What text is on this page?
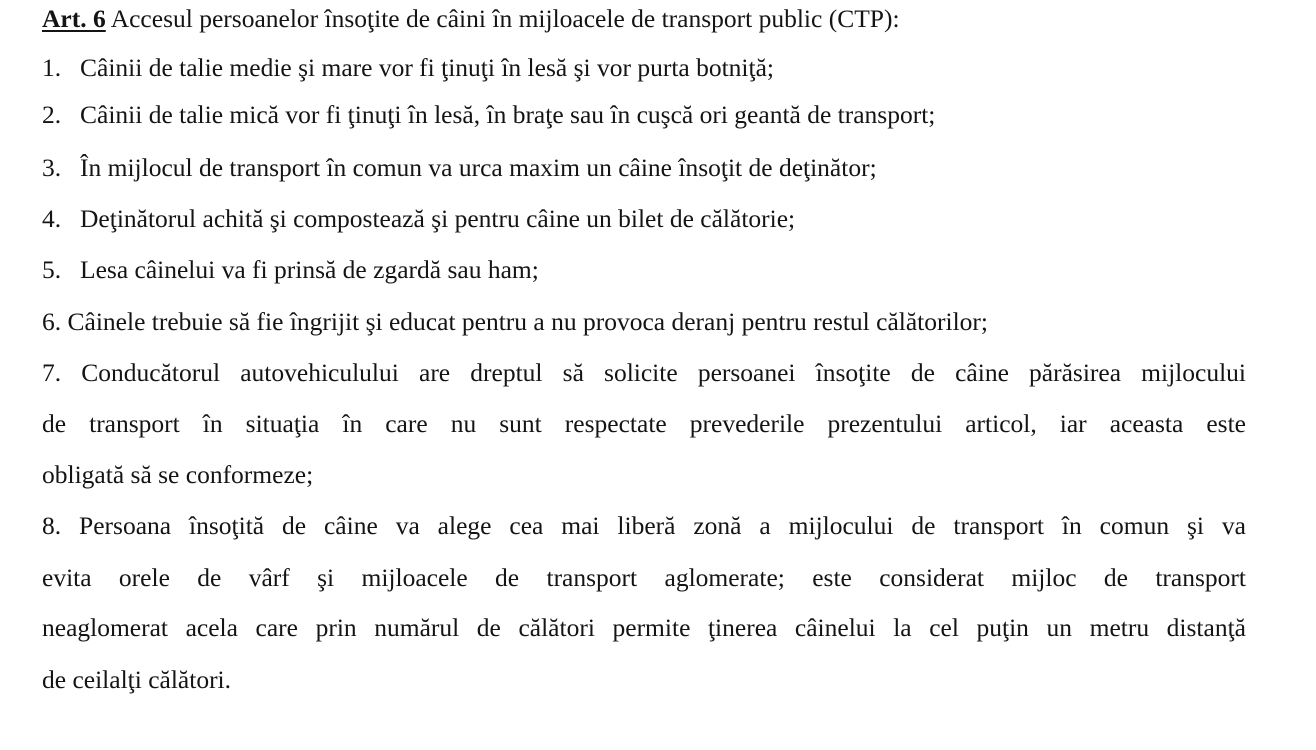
Art. 6 Accesul persoanelor însoţite de câini în mijloacele de transport public (CTP):
1. Câinii de talie medie şi mare vor fi ţinuţi în lesă şi vor purta botniţă;
2. Câinii de talie mică vor fi ţinuţi în lesă, în braţe sau în cuşcă ori geantă de transport;
3. În mijlocul de transport în comun va urca maxim un câine însoţit de deţinător;
4. Deţinătorul achită şi compostează şi pentru câine un bilet de călătorie;
5. Lesa câinelui va fi prinsă de zgardă sau ham;
6. Câinele trebuie să fie îngrijit şi educat pentru a nu provoca deranj pentru restul călătorilor;
7. Conducătorul autovehiculului are dreptul să solicite persoanei însoţite de câine părăsirea mijlocului
de transport în situaţia în care nu sunt respectate prevederile prezentului articol, iar aceasta este
obligată să se conformeze;
8. Persoana însoţită de câine va alege cea mai liberă zonă a mijlocului de transport în comun şi va
evita orele de vârf şi mijloacele de transport aglomerate; este considerat mijloc de transport
neaglomerat acela care prin numărul de călători permite ţinerea câinelui la cel puţin un metru distanţă
de ceilalţi călători.
